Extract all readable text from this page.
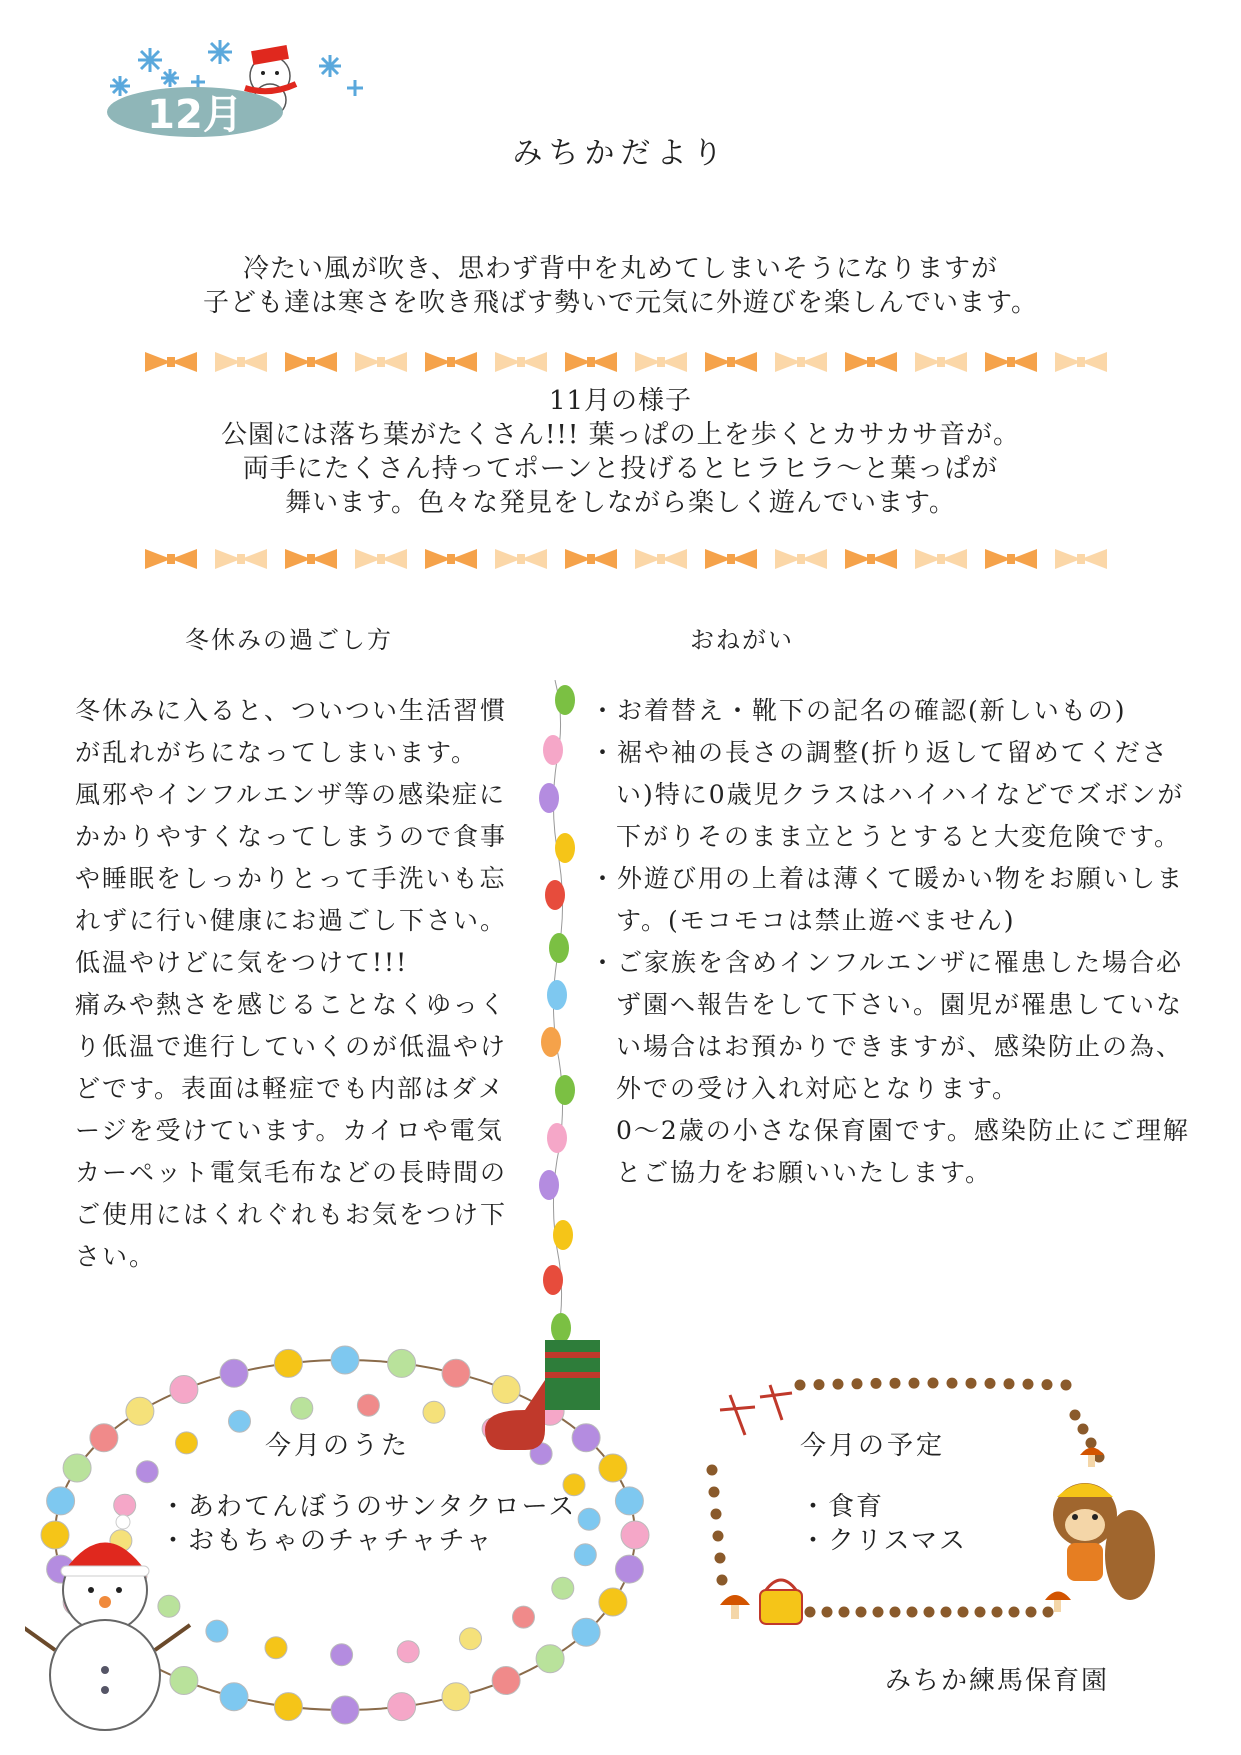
12月
みちかだより
冷たい風が吹き、思わず背中を丸めてしまいそうになりますが
子ども達は寒さを吹き飛ばす勢いで元気に外遊びを楽しんでいます。
11月の様子
公園には落ち葉がたくさん!!! 葉っぱの上を歩くとカサカサ音が。
両手にたくさん持ってポーンと投げるとヒラヒラ～と葉っぱが
舞います。色々な発見をしながら楽しく遊んでいます。
冬休みの過ごし方	おねがい

冬休みに入ると、ついつい生活習慣

が乱れがちになってしまいます。

風邪やインフルエンザ等の感染症に

かかりやすくなってしまうので食事

や睡眠をしっかりとって手洗いも忘

れずに行い健康にお過ごし下さい。

低温やけどに気をつけて!!!

痛みや熱さを感じることなくゆっく

り低温で進行していくのが低温やけ

どです。表面は軽症でも内部はダメ

ージを受けています。カイロや電気

カーペット電気毛布などの長時間の

ご使用にはくれぐれもお気をつけ下

さい。

・お着替え・靴下の記名の確認(新しいもの)

・裾や袖の長さの調整(折り返して留めてください)特に0歳児クラスはハイハイなどでズボンが下がりそのまま立とうとすると大変危険です。

・外遊び用の上着は薄くて暖かい物をお願いします。(モコモコは禁止遊べません)

・ご家族を含めインフルエンザに罹患した場合必ず園へ報告をして下さい。園児が罹患していない場合はお預かりできますが、感染防止の為、外での受け入れ対応となります。

0～2歳の小さな保育園です。感染防止にご理解とご協力をお願いいたします。

今月のうた
・あわてんぼうのサンタクロース
・おもちゃのチャチャチャ
今月の予定
・食育
・クリスマス
みちか練馬保育園
